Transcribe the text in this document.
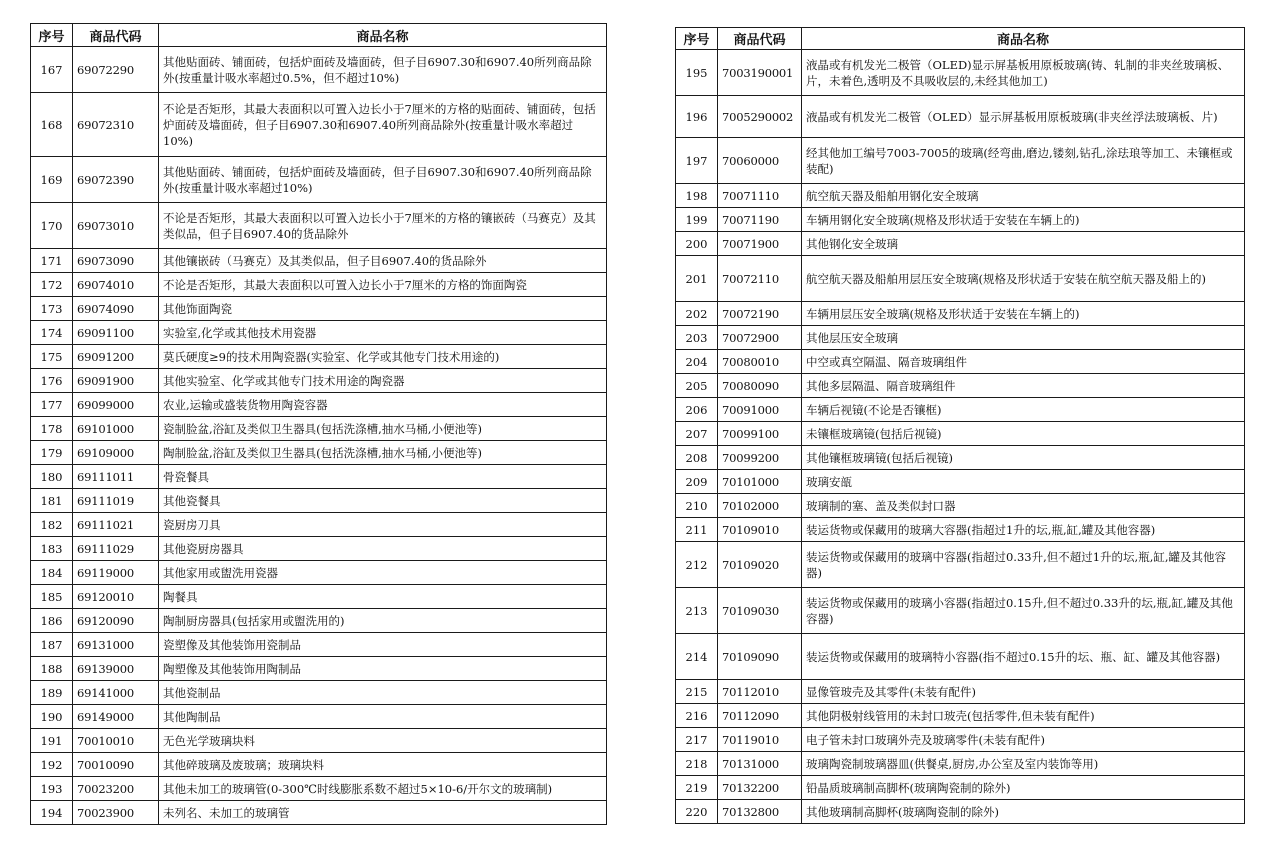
序号	商品代码	商品名称
167	69072290	其他贴面砖、铺面砖，包括炉面砖及墙面砖，但子目6907.30和6907.40所列商品除外(按重量计吸水率超过0.5%，但不超过10%)
168	69072310	不论是否矩形，其最大表面积以可置入边长小于7厘米的方格的贴面砖、铺面砖，包括炉面砖及墙面砖，但子目6907.30和6907.40所列商品除外(按重量计吸水率超过10%)
169	69072390	其他贴面砖、铺面砖，包括炉面砖及墙面砖，但子目6907.30和6907.40所列商品除外(按重量计吸水率超过10%)
170	69073010	不论是否矩形，其最大表面积以可置入边长小于7厘米的方格的镶嵌砖（马赛克）及其类似品，但子目6907.40的货品除外
171	69073090	其他镶嵌砖（马赛克）及其类似品，但子目6907.40的货品除外
172	69074010	不论是否矩形，其最大表面积以可置入边长小于7厘米的方格的饰面陶瓷
173	69074090	其他饰面陶瓷
174	69091100	实验室,化学或其他技术用瓷器
175	69091200	莫氏硬度≥9的技术用陶瓷器(实验室、化学或其他专门技术用途的)
176	69091900	其他实验室、化学或其他专门技术用途的陶瓷器
177	69099000	农业,运输或盛装货物用陶瓷容器
178	69101000	瓷制脸盆,浴缸及类似卫生器具(包括洗涤槽,抽水马桶,小便池等)
179	69109000	陶制脸盆,浴缸及类似卫生器具(包括洗涤槽,抽水马桶,小便池等)
180	69111011	骨瓷餐具
181	69111019	其他瓷餐具
182	69111021	瓷厨房刀具
183	69111029	其他瓷厨房器具
184	69119000	其他家用或盥洗用瓷器
185	69120010	陶餐具
186	69120090	陶制厨房器具(包括家用或盥洗用的)
187	69131000	瓷塑像及其他装饰用瓷制品
188	69139000	陶塑像及其他装饰用陶制品
189	69141000	其他瓷制品
190	69149000	其他陶制品
191	70010010	无色光学玻璃块料
192	70010090	其他碎玻璃及废玻璃；玻璃块料
193	70023200	其他未加工的玻璃管(0-300℃时线膨胀系数不超过5×10-6/开尔文的玻璃制)
194	70023900	未列名、未加工的玻璃管
序号	商品代码	商品名称
195	7003190001	液晶或有机发光二极管（OLED)显示屏基板用原板玻璃(铸、轧制的非夹丝玻璃板、片，未着色,透明及不具吸收层的,未经其他加工)
196	7005290002	液晶或有机发光二极管（OLED）显示屏基板用原板玻璃(非夹丝浮法玻璃板、片)
197	70060000	经其他加工编号7003-7005的玻璃(经弯曲,磨边,镂刻,钻孔,涂珐琅等加工、未镶框或装配)
198	70071110	航空航天器及船舶用钢化安全玻璃
199	70071190	车辆用钢化安全玻璃(规格及形状适于安装在车辆上的)
200	70071900	其他钢化安全玻璃
201	70072110	航空航天器及船舶用层压安全玻璃(规格及形状适于安装在航空航天器及船上的)
202	70072190	车辆用层压安全玻璃(规格及形状适于安装在车辆上的)
203	70072900	其他层压安全玻璃
204	70080010	中空或真空隔温、隔音玻璃组件
205	70080090	其他多层隔温、隔音玻璃组件
206	70091000	车辆后视镜(不论是否镶框)
207	70099100	未镶框玻璃镜(包括后视镜)
208	70099200	其他镶框玻璃镜(包括后视镜)
209	70101000	玻璃安瓿
210	70102000	玻璃制的塞、盖及类似封口器
211	70109010	装运货物或保藏用的玻璃大容器(指超过1升的坛,瓶,缸,罐及其他容器)
212	70109020	装运货物或保藏用的玻璃中容器(指超过0.33升,但不超过1升的坛,瓶,缸,罐及其他容器)
213	70109030	装运货物或保藏用的玻璃小容器(指超过0.15升,但不超过0.33升的坛,瓶,缸,罐及其他容器)
214	70109090	装运货物或保藏用的玻璃特小容器(指不超过0.15升的坛、瓶、缸、罐及其他容器)
215	70112010	显像管玻壳及其零件(未装有配件)
216	70112090	其他阴极射线管用的未封口玻壳(包括零件,但未装有配件)
217	70119010	电子管未封口玻璃外壳及玻璃零件(未装有配件)
218	70131000	玻璃陶瓷制玻璃器皿(供餐桌,厨房,办公室及室内装饰等用)
219	70132200	铅晶质玻璃制高脚杯(玻璃陶瓷制的除外)
220	70132800	其他玻璃制高脚杯(玻璃陶瓷制的除外)
